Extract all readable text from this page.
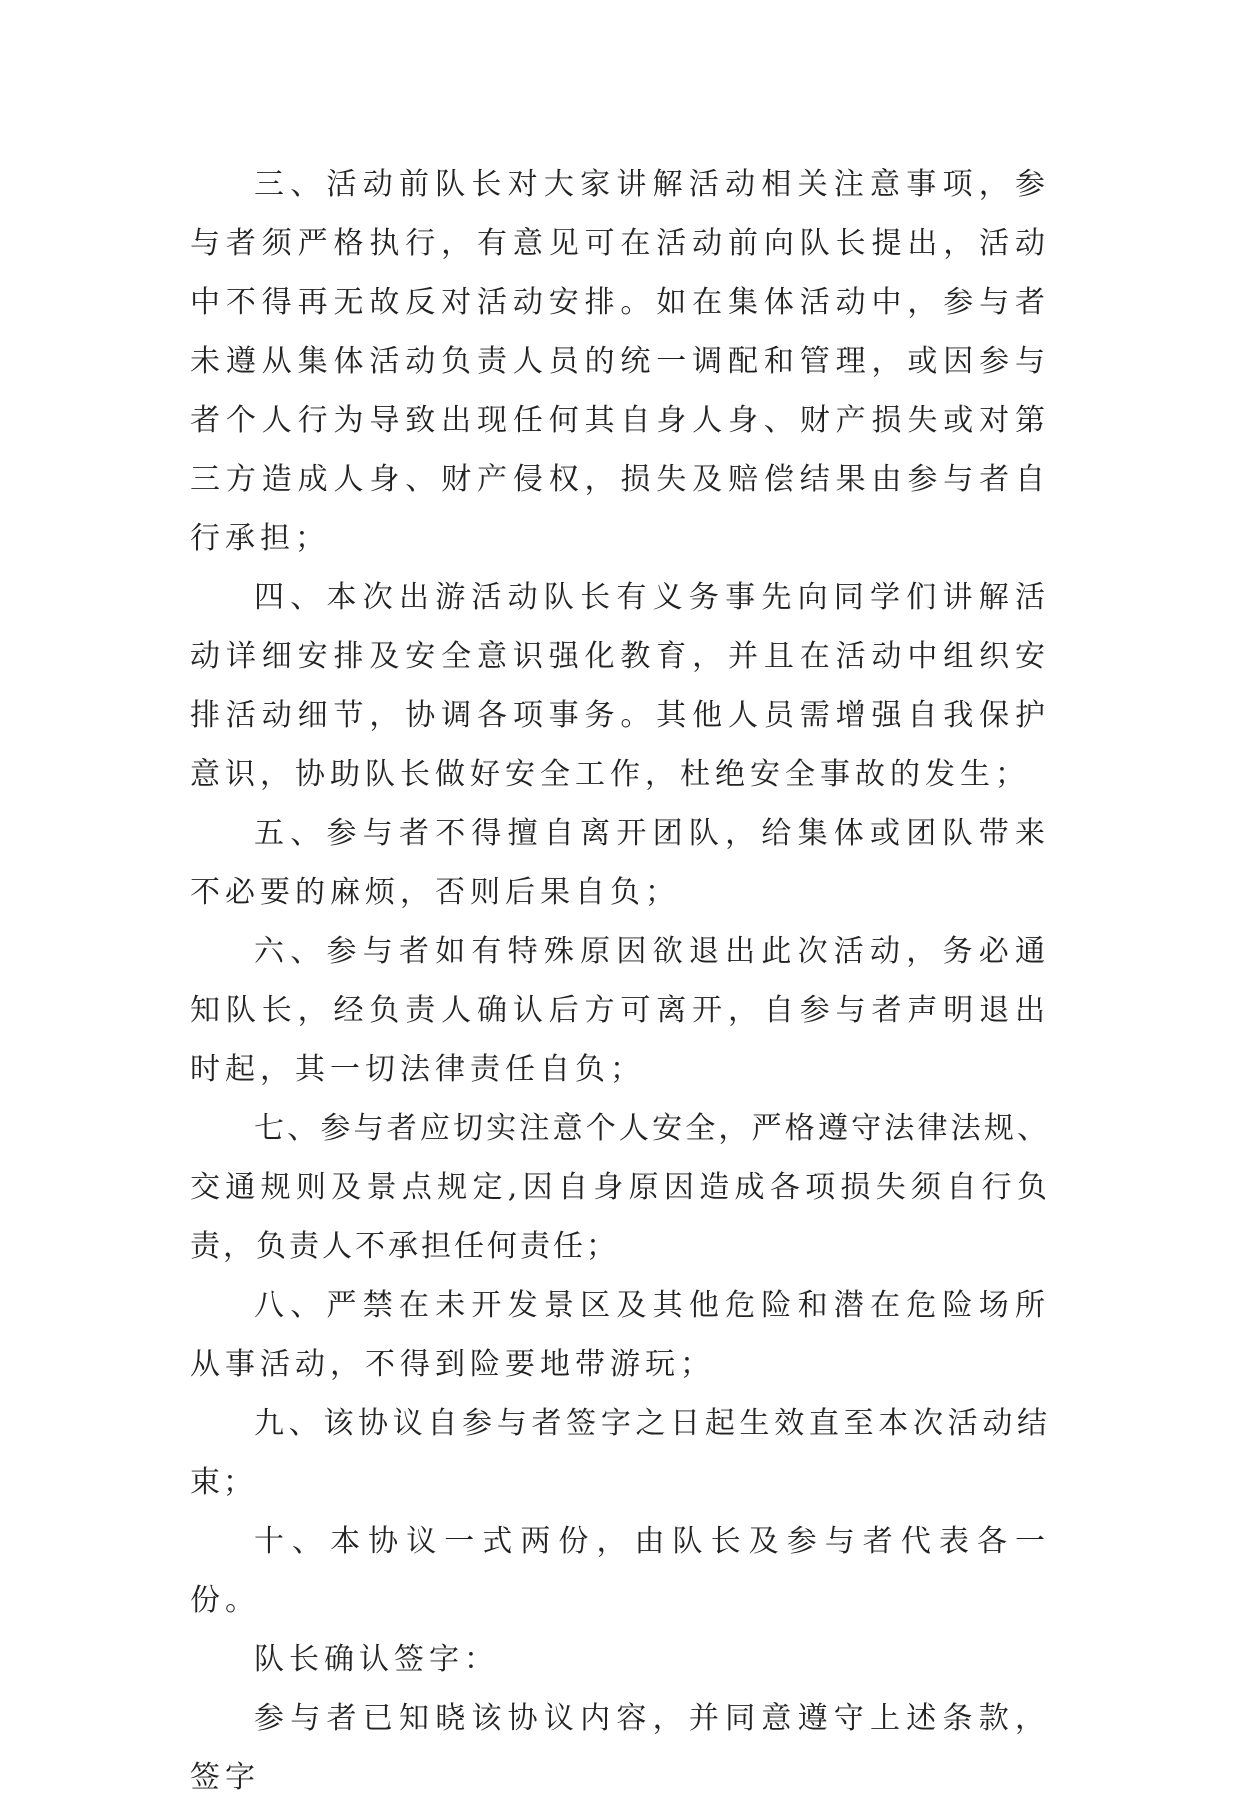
三、活动前队长对大家讲解活动相关注意事项，参与者须严格执行，有意见可在活动前向队长提出，活动中不得再无故反对活动安排。如在集体活动中，参与者未遵从集体活动负责人员的统一调配和管理，或因参与者个人行为导致出现任何其自身人身、财产损失或对第三方造成人身、财产侵权，损失及赔偿结果由参与者自行承担；

四、本次出游活动队长有义务事先向同学们讲解活动详细安排及安全意识强化教育，并且在活动中组织安排活动细节，协调各项事务。其他人员需增强自我保护意识，协助队长做好安全工作，杜绝安全事故的发生；

五、参与者不得擅自离开团队，给集体或团队带来不必要的麻烦，否则后果自负；

六、参与者如有特殊原因欲退出此次活动，务必通知队长，经负责人确认后方可离开，自参与者声明退出时起，其一切法律责任自负；

七、参与者应切实注意个人安全，严格遵守法律法规、交通规则及景点规定,因自身原因造成各项损失须自行负责，负责人不承担任何责任；

八、严禁在未开发景区及其他危险和潜在危险场所从事活动，不得到险要地带游玩；

九、该协议自参与者签字之日起生效直至本次活动结束；

十、本协议一式两份，由队长及参与者代表各一份。

队长确认签字：

参与者已知晓该协议内容，并同意遵守上述条款，签字
